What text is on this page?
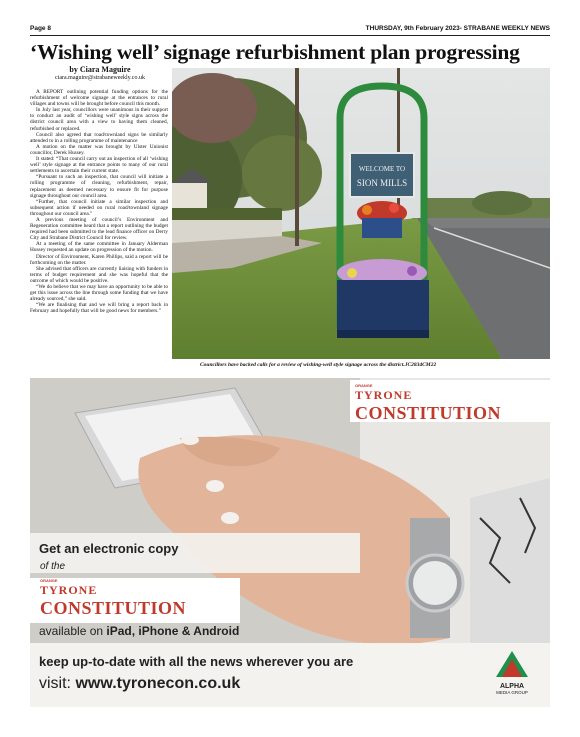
Page 8	THURSDAY, 9th February 2023- STRABANE WEEKLY NEWS
‘Wishing well’ signage refurbishment plan progressing
by Ciara Maguire
ciara.maguire@strabaneweekly.co.uk

A REPORT outlining potential funding options for the refurbishment of welcome signage at the entrances to rural villages and towns will be brought before council this month.

In July last year, councillors were unanimous in their support to conduct an audit of ‘wishing well’ style signs across the district council area with a view to having them cleaned, refurbished or replaced.

Council also agreed that road/townland signs be similarly attended to in a rolling programme of maintenance

A motion on the matter was brought by Ulster Unionist councillor, Derek Hussey.

It stated: “That council carry out an inspection of all ‘wishing well’ style signage at the entrance points to many of our rural settlements to ascertain their current state.

“Pursuant to such an inspection, that council will initiate a rolling programme of cleaning, refurbishment, repair, replacement as deemed necessary to ensure fit for purpose signage throughout our council area.

“Further, that council initiate a similar inspection and subsequent action if needed on rural road/townland signage throughout our council area.”

A previous meeting of council’s Environment and Regeneration committee heard that a report outlining the budget required had been submitted to the lead finance officer on Derry City and Strabane District Council for review.

At a meeting of the same committee in January Alderman Hussey requested an update on progression of the motion.

Director of Environment, Karen Phillips, said a report will be forthcoming on the matter.

She advised that officers are currently liaising with funders in terms of budget requirement and she was hopeful that the outcome of which would be positive.

“We do believe that we may have an opportunity to be able to get this issue across the line through some funding that we have already sourced,” she said.

“We are finalising that and we will bring a report back in February and hopefully that will be good news for members.”

WELCOME TO
SION MILLS
Councillors have backed calls for a review of wishing-well style signage across the district.JC2834CM22
ORANGE
TYRONE
CONSTITUTION
Get an electronic copy
of the
ORANGE
TYRONE
CONSTITUTION
available on iPad, iPhone & Android
keep up-to-date with all the news wherever you are
visit: www.tyronecon.co.uk	ALPHA
MEDIA GROUP
